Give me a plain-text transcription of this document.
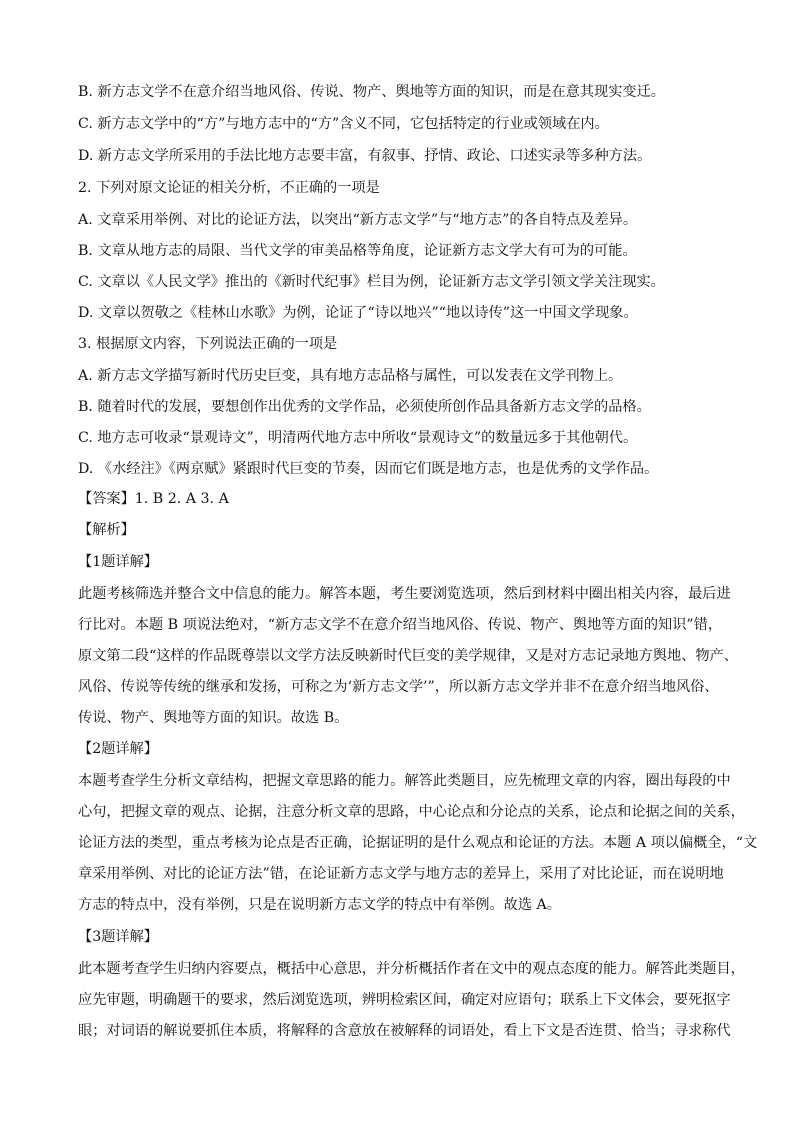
B. 新方志文学不在意介绍当地风俗、传说、物产、舆地等方面的知识，而是在意其现实变迁。
C. 新方志文学中的“方”与地方志中的“方”含义不同，它包括特定的行业或领域在内。
D. 新方志文学所采用的手法比地方志要丰富，有叙事、抒情、政论、口述实录等多种方法。
2. 下列对原文论证的相关分析，不正确的一项是
A. 文章采用举例、对比的论证方法，以突出“新方志文学”与“地方志”的各自特点及差异。
B. 文章从地方志的局限、当代文学的审美品格等角度，论证新方志文学大有可为的可能。
C. 文章以《人民文学》推出的《新时代纪事》栏目为例，论证新方志文学引领文学关注现实。
D. 文章以贺敬之《桂林山水歌》为例，论证了“诗以地兴”“地以诗传”这一中国文学现象。
3. 根据原文内容，下列说法正确的一项是
A. 新方志文学描写新时代历史巨变，具有地方志品格与属性，可以发表在文学刊物上。
B. 随着时代的发展，要想创作出优秀的文学作品，必须使所创作品具备新方志文学的品格。
C. 地方志可收录“景观诗文”，明清两代地方志中所收“景观诗文”的数量远多于其他朝代。
D. 《水经注》《两京赋》紧跟时代巨变的节奏，因而它们既是地方志，也是优秀的文学作品。
【答案】1. B 2. A 3. A
【解析】
【1题详解】
此题考核筛选并整合文中信息的能力。解答本题，考生要浏览选项，然后到材料中圈出相关内容，最后进
行比对。本题 B 项说法绝对，“新方志文学不在意介绍当地风俗、传说、物产、舆地等方面的知识”错，
原文第二段“这样的作品既尊崇以文学方法反映新时代巨变的美学规律，又是对方志记录地方舆地、物产、
风俗、传说等传统的继承和发扬，可称之为‘新方志文学’”，所以新方志文学并非不在意介绍当地风俗、
传说、物产、舆地等方面的知识。故选 B。
【2题详解】
本题考查学生分析文章结构，把握文章思路的能力。解答此类题目，应先梳理文章的内容，圈出每段的中
心句，把握文章的观点、论据，注意分析文章的思路，中心论点和分论点的关系，论点和论据之间的关系，
论证方法的类型，重点考核为论点是否正确，论据证明的是什么观点和论证的方法。本题 A 项以偏概全，“文
章采用举例、对比的论证方法”错，在论证新方志文学与地方志的差异上，采用了对比论证，而在说明地
方志的特点中，没有举例，只是在说明新方志文学的特点中有举例。故选 A。
【3题详解】
此本题考查学生归纳内容要点，概括中心意思，并分析概括作者在文中的观点态度的能力。解答此类题目，
应先审题，明确题干的要求，然后浏览选项，辨明检索区间，确定对应语句；联系上下文体会，要死抠字
眼；对词语的解说要抓住本质，将解释的含意放在被解释的词语处，看上下文是否连贯、恰当；寻求称代
